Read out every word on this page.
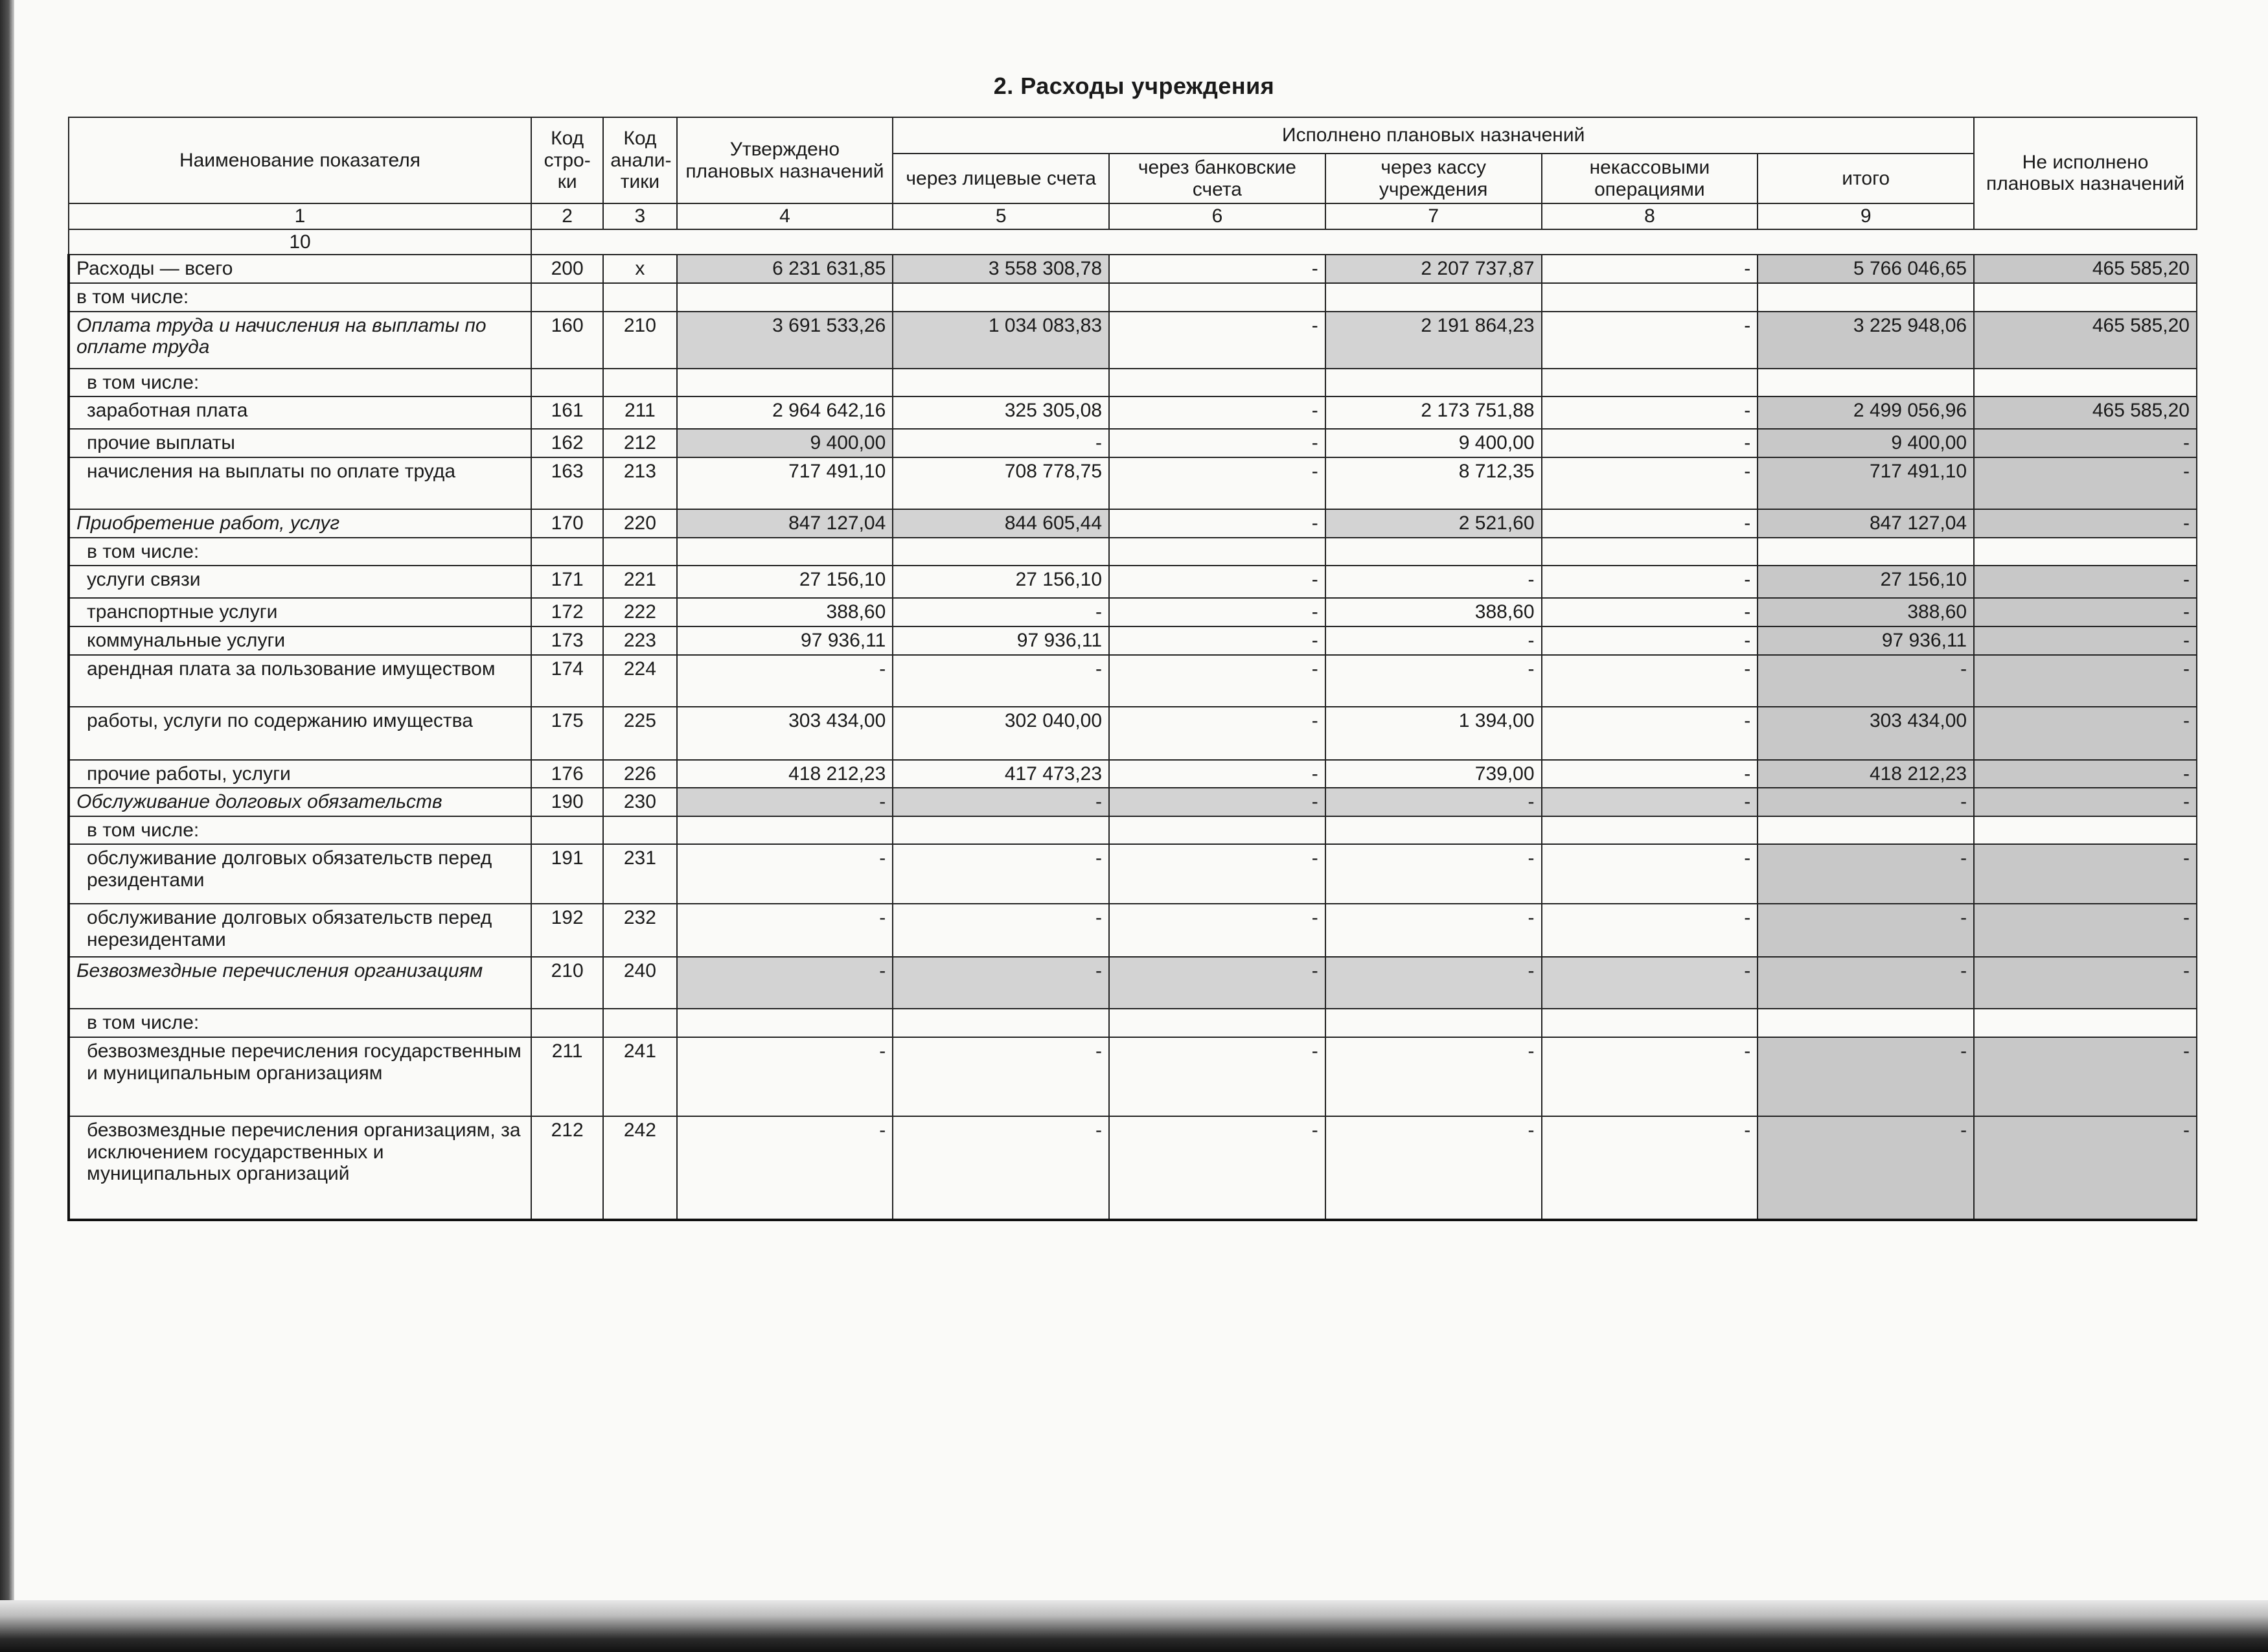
2. Расходы учреждения
Наименование показателя	Код стро- ки	Код анали- тики	Утверждено плановых назначений	Исполнено плановых назначений					Не исполнено плановых назначений
				через лицевые счета	через банковские счета	через кассу учреждения	некассовыми операциями	итого	
1	2	3	4	5	6	7	8	9	
10									
Расходы — всего	200	х	6 231 631,85	3 558 308,78	-	2 207 737,87	-	5 766 046,65	465 585,20
в том числе:									
Оплата труда и начисления на выплаты по оплате труда	160	210	3 691 533,26	1 034 083,83	-	2 191 864,23	-	3 225 948,06	465 585,20
в том числе:									
заработная плата	161	211	2 964 642,16	325 305,08	-	2 173 751,88	-	2 499 056,96	465 585,20
прочие выплаты	162	212	9 400,00	-	-	9 400,00	-	9 400,00	-
начисления на выплаты по оплате труда	163	213	717 491,10	708 778,75	-	8 712,35	-	717 491,10	-
Приобретение работ, услуг	170	220	847 127,04	844 605,44	-	2 521,60	-	847 127,04	-
в том числе:									
услуги связи	171	221	27 156,10	27 156,10	-	-	-	27 156,10	-
транспортные услуги	172	222	388,60	-	-	388,60	-	388,60	-
коммунальные услуги	173	223	97 936,11	97 936,11	-	-	-	97 936,11	-
арендная плата за пользование имуществом	174	224	-	-	-	-	-	-	-
работы, услуги по содержанию имущества	175	225	303 434,00	302 040,00	-	1 394,00	-	303 434,00	-
прочие работы, услуги	176	226	418 212,23	417 473,23	-	739,00	-	418 212,23	-
Обслуживание долговых обязательств	190	230	-	-	-	-	-	-	-
в том числе:									
обслуживание долговых обязательств перед резидентами	191	231	-	-	-	-	-	-	-
обслуживание долговых обязательств перед нерезидентами	192	232	-	-	-	-	-	-	-
Безвозмездные перечисления организациям	210	240	-	-	-	-	-	-	-
в том числе:									
безвозмездные перечисления государственным и муниципальным организациям	211	241	-	-	-	-	-	-	-
безвозмездные перечисления организациям, за исключением государственных и муниципальных организаций	212	242	-	-	-	-	-	-	-
